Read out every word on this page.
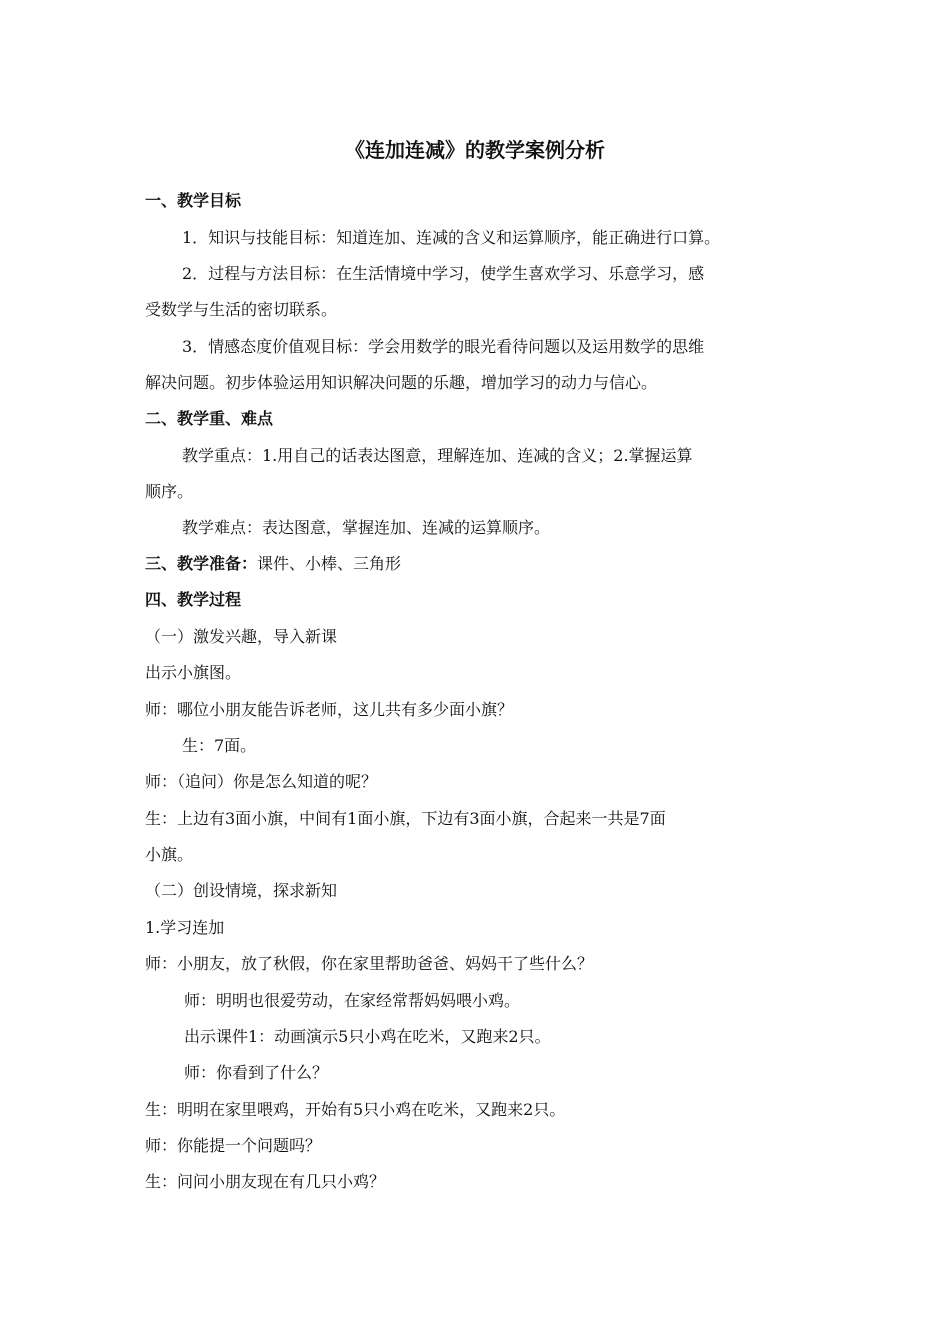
《连加连减》的教学案例分析
一、教学目标
1．知识与技能目标：知道连加、连减的含义和运算顺序，能正确进行口算。
2．过程与方法目标：在生活情境中学习，使学生喜欢学习、乐意学习，感
受数学与生活的密切联系。
3．情感态度价值观目标：学会用数学的眼光看待问题以及运用数学的思维
解决问题。初步体验运用知识解决问题的乐趣，增加学习的动力与信心。
二、教学重、难点
教学重点：1.用自己的话表达图意，理解连加、连减的含义；2.掌握运算
顺序。
教学难点：表达图意，掌握连加、连减的运算顺序。
三、教学准备：课件、小棒、三角形
四、教学过程
（一）激发兴趣，导入新课
出示小旗图。
师：哪位小朋友能告诉老师，这儿共有多少面小旗？
生：7面。
师：（追问）你是怎么知道的呢？
生：上边有3面小旗，中间有1面小旗，下边有3面小旗，合起来一共是7面
小旗。
（二）创设情境，探求新知
1.学习连加
师：小朋友，放了秋假，你在家里帮助爸爸、妈妈干了些什么？
师：明明也很爱劳动，在家经常帮妈妈喂小鸡。
出示课件1：动画演示5只小鸡在吃米，又跑来2只。
师：你看到了什么？
生：明明在家里喂鸡，开始有5只小鸡在吃米，又跑来2只。
师：你能提一个问题吗？
生：问问小朋友现在有几只小鸡？
